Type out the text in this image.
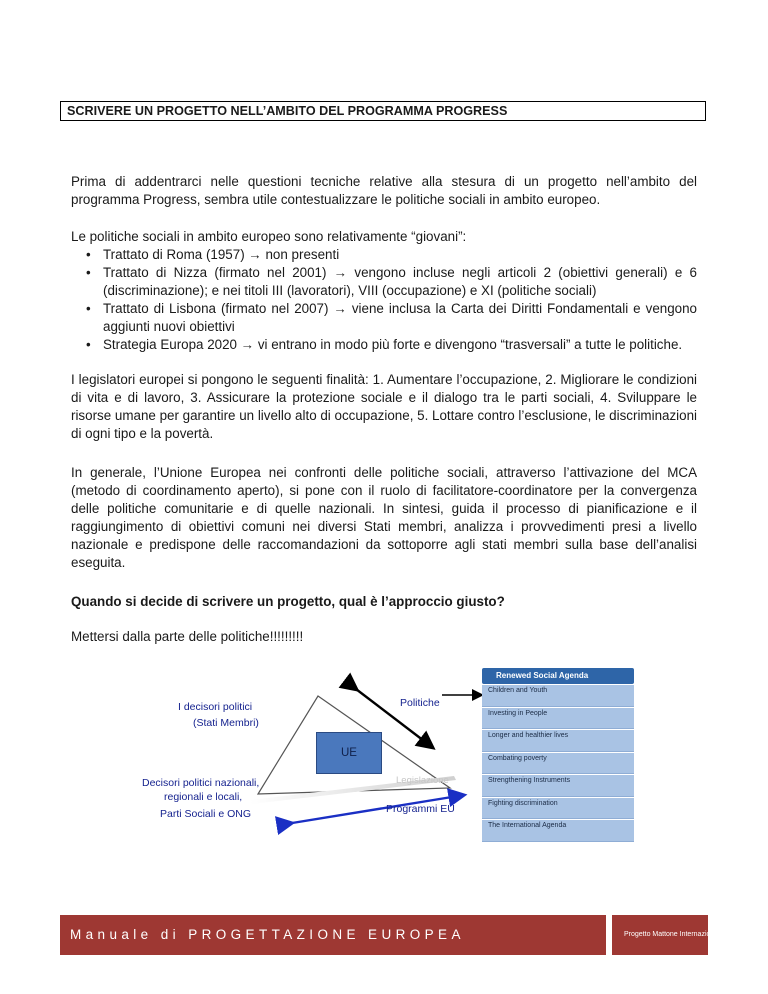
SCRIVERE UN PROGETTO NELL’AMBITO DEL PROGRAMMA PROGRESS

Prima di addentrarci nelle questioni tecniche relative alla stesura di un progetto nell’ambito del programma Progress, sembra utile contestualizzare le politiche sociali in ambito europeo.

Le politiche sociali in ambito europeo sono relativamente “giovani”:

• Trattato di Roma (1957) → non presenti
• Trattato di Nizza (firmato nel 2001) → vengono incluse negli articoli 2 (obiettivi generali) e 6 (discriminazione); e nei titoli III (lavoratori), VIII (occupazione) e XI (politiche sociali)
• Trattato di Lisbona (firmato nel 2007) → viene inclusa la Carta dei Diritti Fondamentali e vengono aggiunti nuovi obiettivi
• Strategia Europa 2020 → vi entrano in modo più forte e divengono “trasversali” a tutte le politiche.

I legislatori europei si pongono le seguenti finalità: 1. Aumentare l’occupazione, 2. Migliorare le condizioni di vita e di lavoro, 3. Assicurare la protezione sociale e il dialogo tra le parti sociali, 4. Sviluppare le risorse umane per garantire un livello alto di occupazione, 5. Lottare contro l’esclusione, le discriminazioni di ogni tipo e la povertà.

In generale, l’Unione Europea nei confronti delle politiche sociali, attraverso l’attivazione del MCA (metodo di coordinamento aperto), si pone con il ruolo di facilitatore-coordinatore per la convergenza delle politiche comunitarie e di quelle nazionali. In sintesi, guida il processo di pianificazione e il raggiungimento di obiettivi comuni nei diversi Stati membri, analizza i provvedimenti presi a livello nazionale e predispone delle raccomandazioni da sottoporre agli stati membri sulla base dell’analisi eseguita.

Quando si decide di scrivere un progetto, qual è l’approccio giusto?

Mettersi dalla parte delle politiche!!!!!!!!!

I decisori politici
(Stati Membri)
Politiche
UE
Legislazione
Decisori politici nazionali,
regionali e locali,
Parti Sociali e ONG	Programmi EU
Renewed Social Agenda
Children and Youth
Investing in People
Longer and healthier lives
Combating poverty
Strengthening Instruments
Fighting discrimination
The International Agenda
Manuale di PROGETTAZIONE EUROPEA	Progetto Mattone Internazionale
